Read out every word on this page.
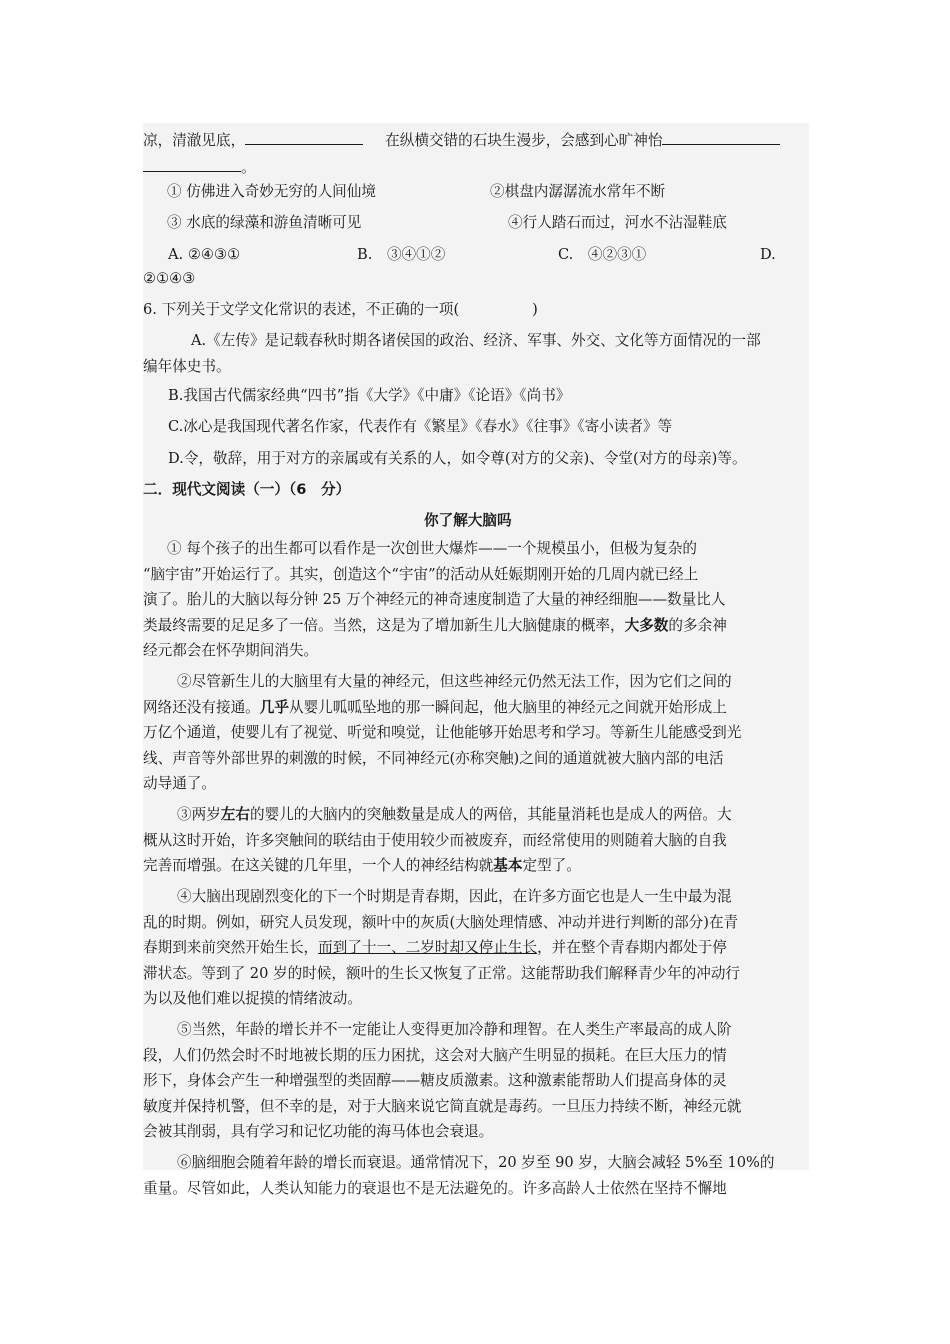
凉，清澈见底，	在纵横交错的石块生漫步，会感到心旷神怡
。
① 仿佛进入奇妙无穷的人间仙境	②棋盘内潺潺流水常年不断
③ 水底的绿藻和游鱼清晰可见	④行人踏石而过，河水不沾湿鞋底
A. ②④③①	B.　③④①②	C.　④②③①	D.
②①④③
6. 下列关于文学文化常识的表述，不正确的一项(　　　　　)
A.《左传》是记载春秋时期各诸侯国的政治、经济、军事、外交、文化等方面情况的一部
编年体史书。
B.我国古代儒家经典“四书”指《大学》《中庸》《论语》《尚书》
C.冰心是我国现代著名作家，代表作有《繁星》《春水》《往事》《寄小读者》等
D.令，敬辞，用于对方的亲属或有关系的人，如令尊(对方的父亲)、令堂(对方的母亲)等。
二．现代文阅读（一）（6　分）
你了解大脑吗
① 每个孩子的出生都可以看作是一次创世大爆炸——一个规模虽小，但极为复杂的
“脑宇宙”开始运行了。其实，创造这个“宇宙”的活动从妊娠期刚开始的几周内就已经上
演了。胎儿的大脑以每分钟 25 万个神经元的神奇速度制造了大量的神经细胞——数量比人
类最终需要的足足多了一倍。当然，这是为了增加新生儿大脑健康的概率，大多数的多余神
经元都会在怀孕期间消失。
②尽管新生儿的大脑里有大量的神经元，但这些神经元仍然无法工作，因为它们之间的
网络还没有接通。几乎从婴儿呱呱坠地的那一瞬间起，他大脑里的神经元之间就开始形成上
万亿个通道，使婴儿有了视觉、听觉和嗅觉，让他能够开始思考和学习。等新生儿能感受到光
线、声音等外部世界的刺激的时候，不同神经元(亦称突触)之间的通道就被大脑内部的电活
动导通了。
③两岁左右的婴儿的大脑内的突触数量是成人的两倍，其能量消耗也是成人的两倍。大
概从这时开始，许多突触间的联结由于使用较少而被废弃，而经常使用的则随着大脑的自我
完善而增强。在这关键的几年里，一个人的神经结构就基本定型了。
④大脑出现剧烈变化的下一个时期是青春期，因此，在许多方面它也是人一生中最为混
乱的时期。例如，研究人员发现，额叶中的灰质(大脑处理情感、冲动并进行判断的部分)在青
春期到来前突然开始生长，而到了十一、二岁时却又停止生长，并在整个青春期内都处于停
滞状态。等到了 20 岁的时候，额叶的生长又恢复了正常。这能帮助我们解释青少年的冲动行
为以及他们难以捉摸的情绪波动。
⑤当然，年龄的增长并不一定能让人变得更加冷静和理智。在人类生产率最高的成人阶
段，人们仍然会时不时地被长期的压力困扰，这会对大脑产生明显的损耗。在巨大压力的情
形下，身体会产生一种增强型的类固醇——糖皮质激素。这种激素能帮助人们提高身体的灵
敏度并保持机警，但不幸的是，对于大脑来说它简直就是毒药。一旦压力持续不断，神经元就
会被其削弱，具有学习和记忆功能的海马体也会衰退。
⑥脑细胞会随着年龄的增长而衰退。通常情况下，20 岁至 90 岁，大脑会减轻 5%至 10%的
重量。尽管如此，人类认知能力的衰退也不是无法避免的。许多高龄人士依然在坚持不懈地
